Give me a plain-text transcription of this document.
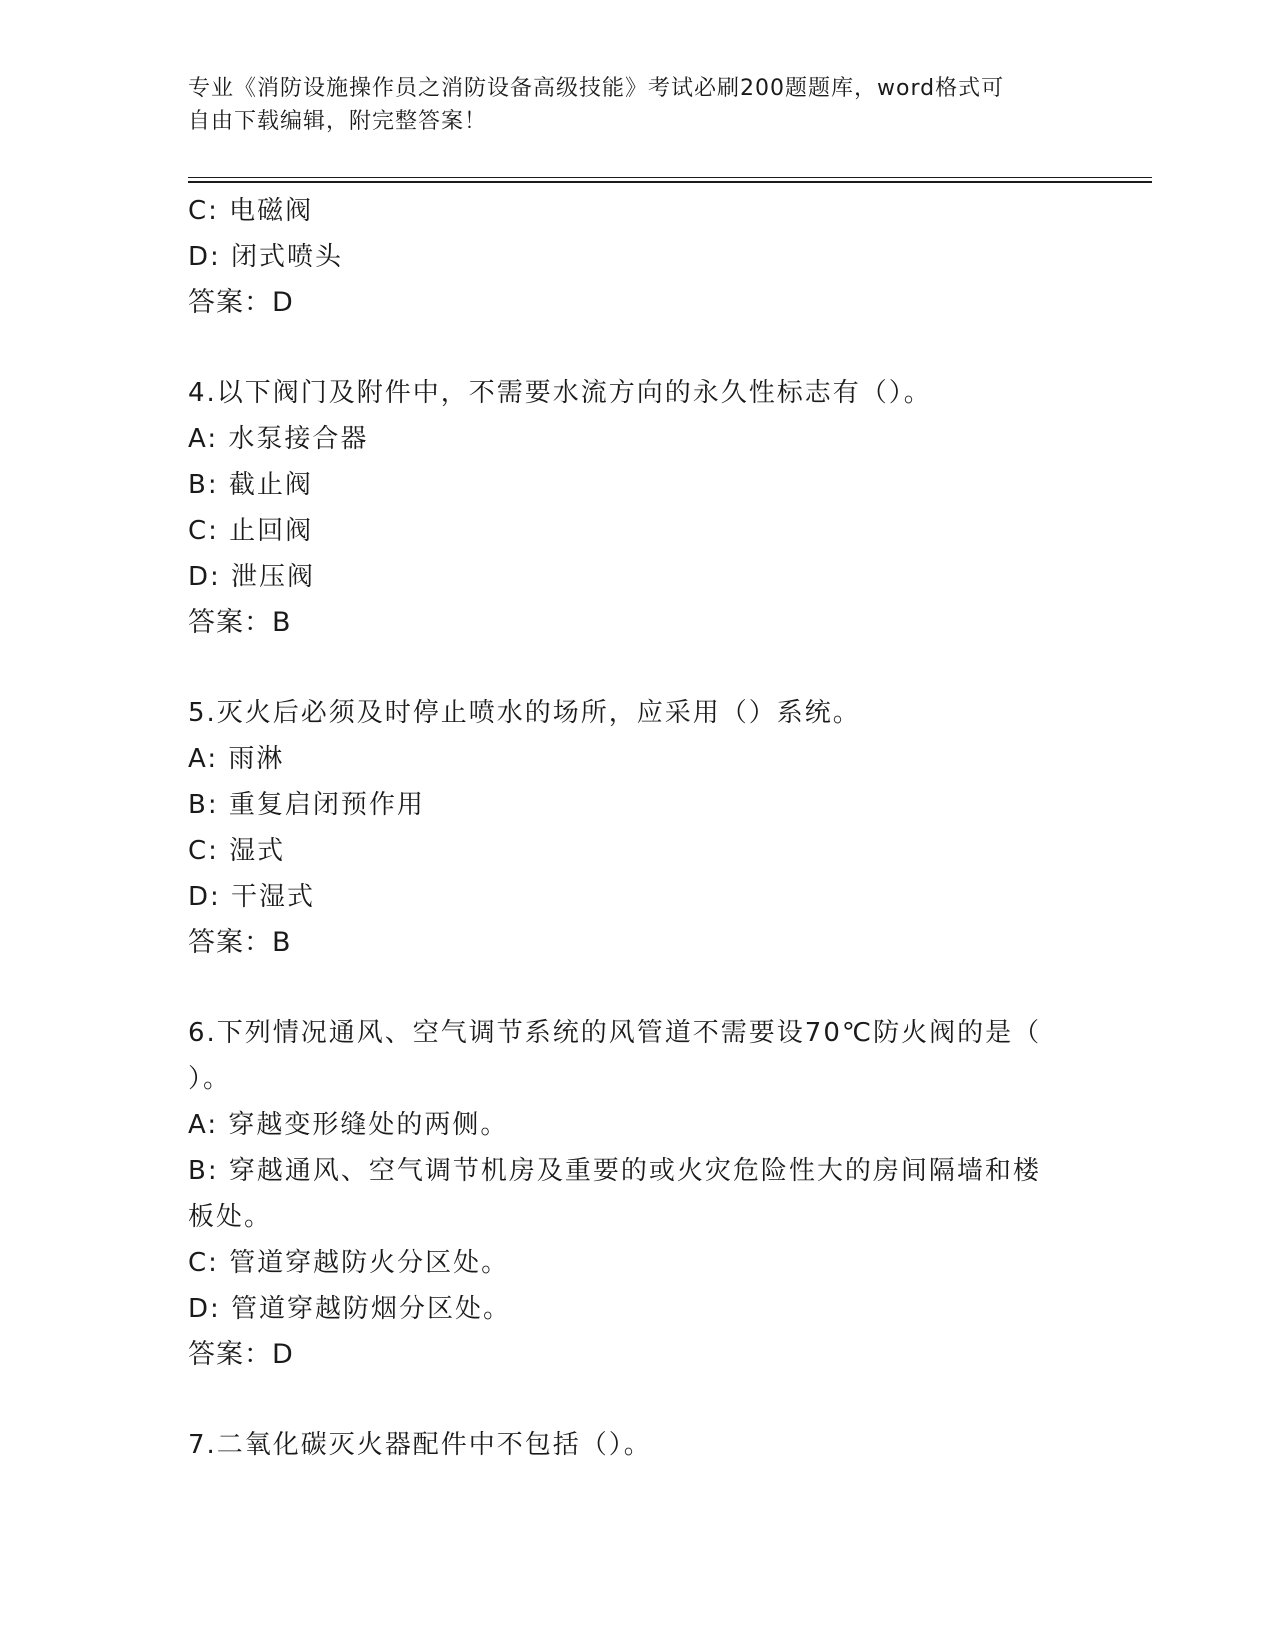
专业《消防设施操作员之消防设备高级技能》考试必刷200题题库，word格式可
自由下载编辑，附完整答案！
C: 电磁阀
D: 闭式喷头
答案：D
4.以下阀门及附件中，不需要水流方向的永久性标志有（）。
A: 水泵接合器
B: 截止阀
C: 止回阀
D: 泄压阀
答案：B
5.灭火后必须及时停止喷水的场所，应采用（）系统。
A: 雨淋
B: 重复启闭预作用
C: 湿式
D: 干湿式
答案：B
6.下列情况通风、空气调节系统的风管道不需要设70℃防火阀的是（
）。
A: 穿越变形缝处的两侧。
B: 穿越通风、空气调节机房及重要的或火灾危险性大的房间隔墙和楼
板处。
C: 管道穿越防火分区处。
D: 管道穿越防烟分区处。
答案：D
7.二氧化碳灭火器配件中不包括（）。
